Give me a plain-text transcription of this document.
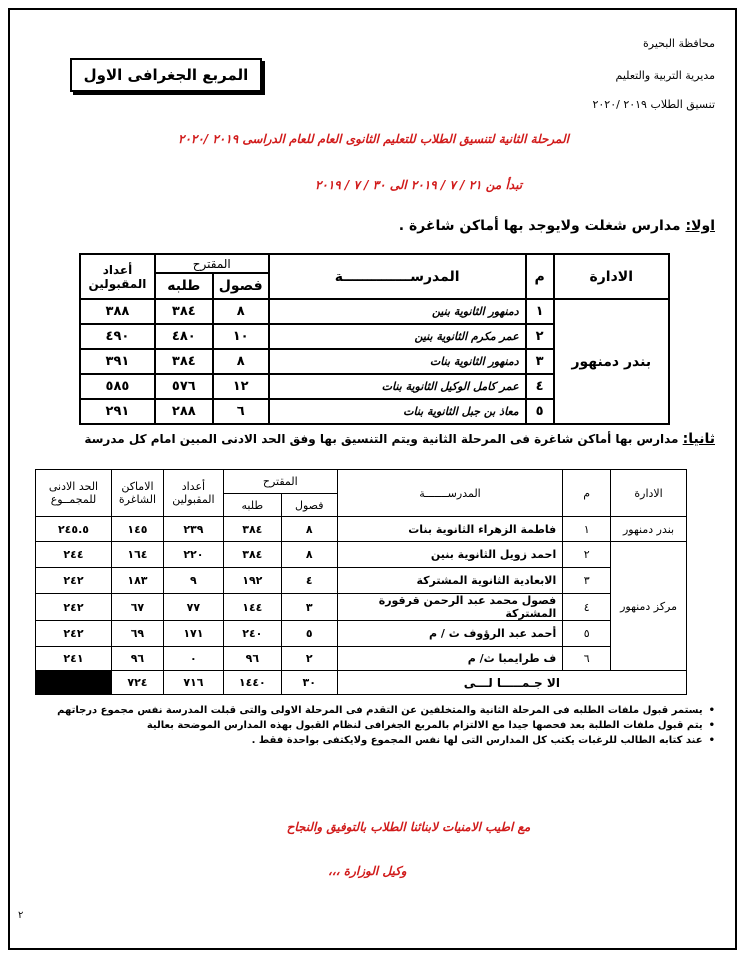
محافظة البحيرة
مديرية التربية والتعليم
تنسيق الطلاب ٢٠١٩ /٢٠٢٠
المربع الجغرافى الاول
المرحلة الثانية لتنسيق الطلاب للتعليم الثانوى العام للعام الدراسى ٢٠١٩ /٢٠٢٠
تبدأ من ٢١ / ٧ / ٢٠١٩ الى ٣٠ / ٧ / ٢٠١٩
اولا: مدارس شغلت ولايوجد بها أماكن شاغرة .
الادارة	م	المدرســــــــــــــة	المقترح		أعداد المقبولين
			فصول	طلبه	
بندر دمنهور	١	دمنهور الثانوية بنين	٨	٣٨٤	٣٨٨
	٢	عمر مكرم الثانوية بنين	١٠	٤٨٠	٤٩٠
	٣	دمنهور الثانوية بنات	٨	٣٨٤	٣٩١
	٤	عمر كامل الوكيل الثانوية بنات	١٢	٥٧٦	٥٨٥
	٥	معاذ بن جبل الثانوية بنات	٦	٢٨٨	٢٩١
ثانيا: مدارس بها أماكن شاغرة فى المرحلة الثانية ويتم التنسيق بها وفق الحد الادنى المبين امام كل مدرسة
الادارة	م	المدرســـــــة	المقترح		أعداد المقبولين	الاماكن الشاغرة	الحد الادنى للمجمــوع
			فصول	طلبه			
بندر دمنهور	١	فاطمة الزهراء الثانوية بنات	٨	٣٨٤	٢٣٩	١٤٥	٢٤٥.٥
مركز دمنهور	٢	احمد زويل الثانوية بنين	٨	٣٨٤	٢٢٠	١٦٤	٢٤٤
	٣	الابعادية الثانوية المشتركة	٤	١٩٢	٩	١٨٣	٢٤٢
	٤	فصول محمد عبد الرحمن قرقورة المشتركة	٣	١٤٤	٧٧	٦٧	٢٤٢
	٥	أحمد عبد الرؤوف ث / م	٥	٢٤٠	١٧١	٦٩	٢٤٢
	٦	ف طرايمبا ث/ م	٢	٩٦	٠	٩٦	٢٤١
الا جـمـــــا لـــى			٣٠	١٤٤٠	٧١٦	٧٢٤	
• يستمر قبول ملفات الطلبه فى المرحلة الثانية والمتخلفين عن التقدم فى المرحلة الاولى والتى قبلت المدرسة نفس مجموع درجاتهم
• يتم قبول ملفات الطلبة بعد فحصها جيدا مع الالتزام بالمربع الجغرافى لنظام القبول بهذه المدارس الموضحة بعالية
• عند كتابه الطالب للرغبات يكتب كل المدارس التى لها نفس المجموع ولايكتفى بواحدة فقط .
مع اطيب الامنيات لابنائنا الطلاب بالتوفيق والنجاح
وكيل الوزارة ،،،
٢
